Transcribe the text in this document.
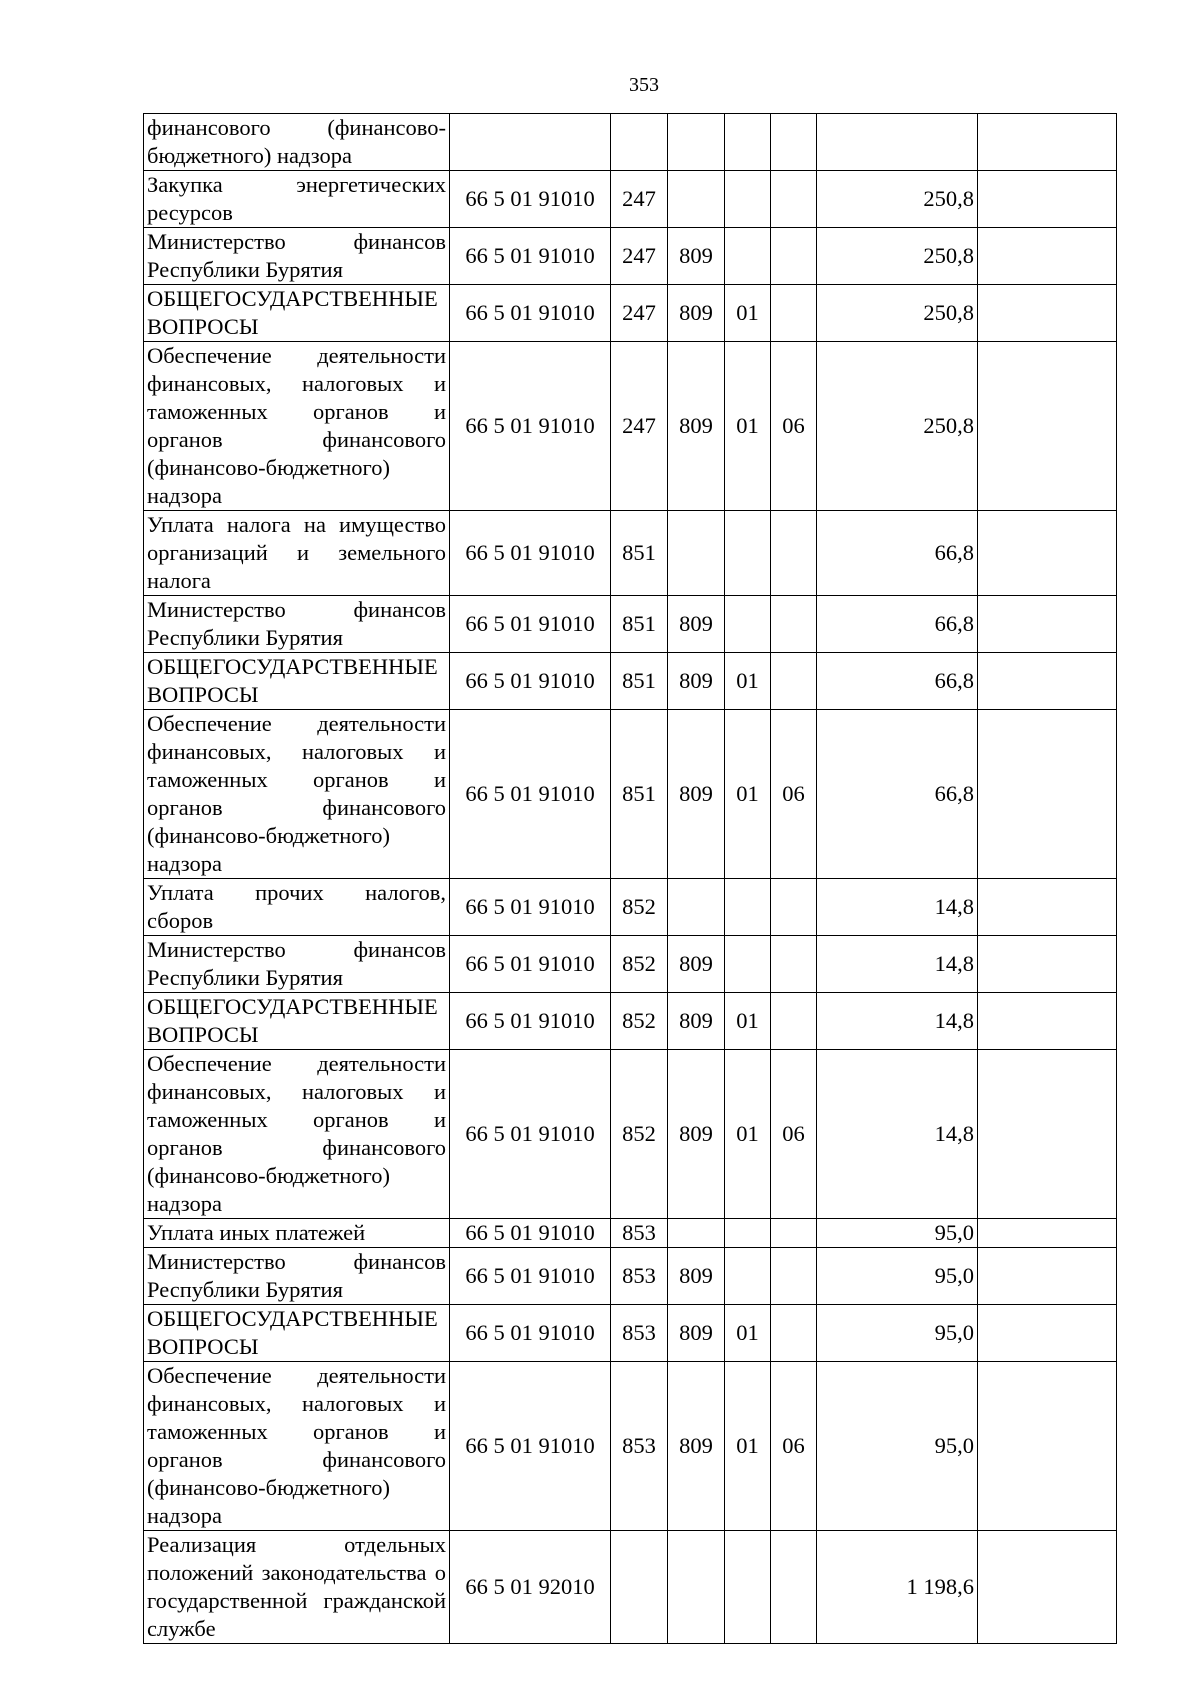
353
финансового (финансово-бюджетного) надзора							
Закупка энергетических ресурсов	66 5 01 91010	247				250,8	
Министерство финансов Республики Бурятия	66 5 01 91010	247	809			250,8	
ОБЩЕГОСУДАРСТВЕННЫЕ ВОПРОСЫ	66 5 01 91010	247	809	01		250,8	
Обеспечение деятельности финансовых, налоговых и таможенных органов и органов финансового (финансово-бюджетного) надзора	66 5 01 91010	247	809	01	06	250,8	
Уплата налога на имущество организаций и земельного налога	66 5 01 91010	851				66,8	
Министерство финансов Республики Бурятия	66 5 01 91010	851	809			66,8	
ОБЩЕГОСУДАРСТВЕННЫЕ ВОПРОСЫ	66 5 01 91010	851	809	01		66,8	
Обеспечение деятельности финансовых, налоговых и таможенных органов и органов финансового (финансово-бюджетного) надзора	66 5 01 91010	851	809	01	06	66,8	
Уплата прочих налогов, сборов	66 5 01 91010	852				14,8	
Министерство финансов Республики Бурятия	66 5 01 91010	852	809			14,8	
ОБЩЕГОСУДАРСТВЕННЫЕ ВОПРОСЫ	66 5 01 91010	852	809	01		14,8	
Обеспечение деятельности финансовых, налоговых и таможенных органов и органов финансового (финансово-бюджетного) надзора	66 5 01 91010	852	809	01	06	14,8	
Уплата иных платежей	66 5 01 91010	853				95,0	
Министерство финансов Республики Бурятия	66 5 01 91010	853	809			95,0	
ОБЩЕГОСУДАРСТВЕННЫЕ ВОПРОСЫ	66 5 01 91010	853	809	01		95,0	
Обеспечение деятельности финансовых, налоговых и таможенных органов и органов финансового (финансово-бюджетного) надзора	66 5 01 91010	853	809	01	06	95,0	
Реализация отдельных положений законодательства о государственной гражданской службе	66 5 01 92010					1 198,6	
